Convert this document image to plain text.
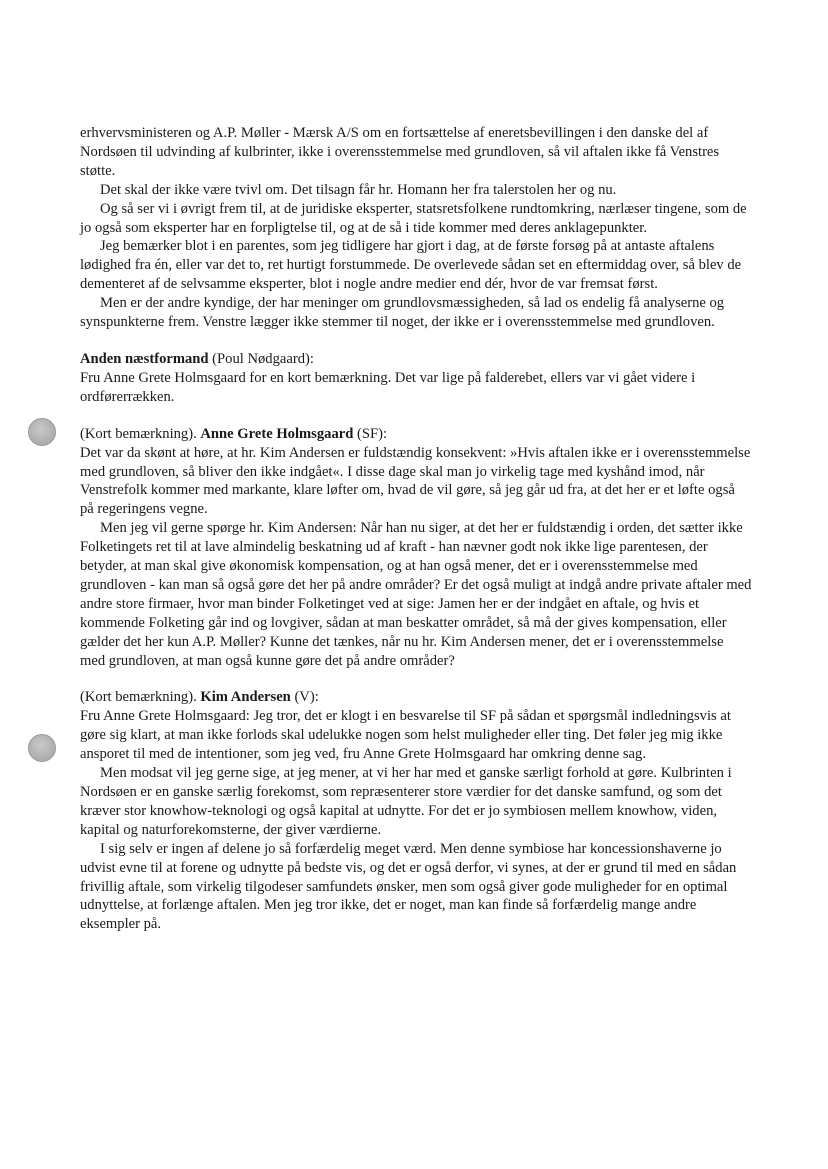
erhvervsministeren og A.P. Møller - Mærsk A/S om en fortsættelse af eneretsbevillingen i den danske del af Nordsøen til udvinding af kulbrinter, ikke i overensstemmelse med grundloven, så vil aftalen ikke få Venstres støtte.

Det skal der ikke være tvivl om. Det tilsagn får hr. Homann her fra talerstolen her og nu.

Og så ser vi i øvrigt frem til, at de juridiske eksperter, statsretsfolkene rundtomkring, nærlæser tingene, som de jo også som eksperter har en forpligtelse til, og at de så i tide kommer med deres anklagepunkter.

Jeg bemærker blot i en parentes, som jeg tidligere har gjort i dag, at de første forsøg på at antaste aftalens lødighed fra én, eller var det to, ret hurtigt forstummede. De overlevede sådan set en eftermiddag over, så blev de dementeret af de selvsamme eksperter, blot i nogle andre medier end dér, hvor de var fremsat først.

Men er der andre kyndige, der har meninger om grundlovsmæssigheden, så lad os endelig få analyserne og synspunkterne frem. Venstre lægger ikke stemmer til noget, der ikke er i overensstemmelse med grundloven.

Anden næstformand (Poul Nødgaard):

Fru Anne Grete Holmsgaard for en kort bemærkning. Det var lige på falderebet, ellers var vi gået videre i ordførerrækken.

(Kort bemærkning). Anne Grete Holmsgaard (SF):

Det var da skønt at høre, at hr. Kim Andersen er fuldstændig konsekvent: »Hvis aftalen ikke er i overensstemmelse med grundloven, så bliver den ikke indgået«. I disse dage skal man jo virkelig tage med kyshånd imod, når Venstrefolk kommer med markante, klare løfter om, hvad de vil gøre, så jeg går ud fra, at det her er et løfte også på regeringens vegne.

Men jeg vil gerne spørge hr. Kim Andersen: Når han nu siger, at det her er fuldstændig i orden, det sætter ikke Folketingets ret til at lave almindelig beskatning ud af kraft - han nævner godt nok ikke lige parentesen, der betyder, at man skal give økonomisk kompensation, og at han også mener, det er i overensstemmelse med grundloven - kan man så også gøre det her på andre områder? Er det også muligt at indgå andre private aftaler med andre store firmaer, hvor man binder Folketinget ved at sige: Jamen her er der indgået en aftale, og hvis et kommende Folketing går ind og lovgiver, sådan at man beskatter området, så må der gives kompensation, eller gælder det her kun A.P. Møller? Kunne det tænkes, når nu hr. Kim Andersen mener, det er i overensstemmelse med grundloven, at man også kunne gøre det på andre områder?

(Kort bemærkning). Kim Andersen (V):

Fru Anne Grete Holmsgaard: Jeg tror, det er klogt i en besvarelse til SF på sådan et spørgsmål indledningsvis at gøre sig klart, at man ikke forlods skal udelukke nogen som helst muligheder eller ting. Det føler jeg mig ikke ansporet til med de intentioner, som jeg ved, fru Anne Grete Holmsgaard har omkring denne sag.

Men modsat vil jeg gerne sige, at jeg mener, at vi her har med et ganske særligt forhold at gøre. Kulbrinten i Nordsøen er en ganske særlig forekomst, som repræsenterer store værdier for det danske samfund, og som det kræver stor knowhow-teknologi og også kapital at udnytte. For det er jo symbiosen mellem knowhow, viden, kapital og naturforekomsterne, der giver værdierne.

I sig selv er ingen af delene jo så forfærdelig meget værd. Men denne symbiose har koncessionshaverne jo udvist evne til at forene og udnytte på bedste vis, og det er også derfor, vi synes, at der er grund til med en sådan frivillig aftale, som virkelig tilgodeser samfundets ønsker, men som også giver gode muligheder for en optimal udnyttelse, at forlænge aftalen. Men jeg tror ikke, det er noget, man kan finde så forfærdelig mange andre eksempler på.
